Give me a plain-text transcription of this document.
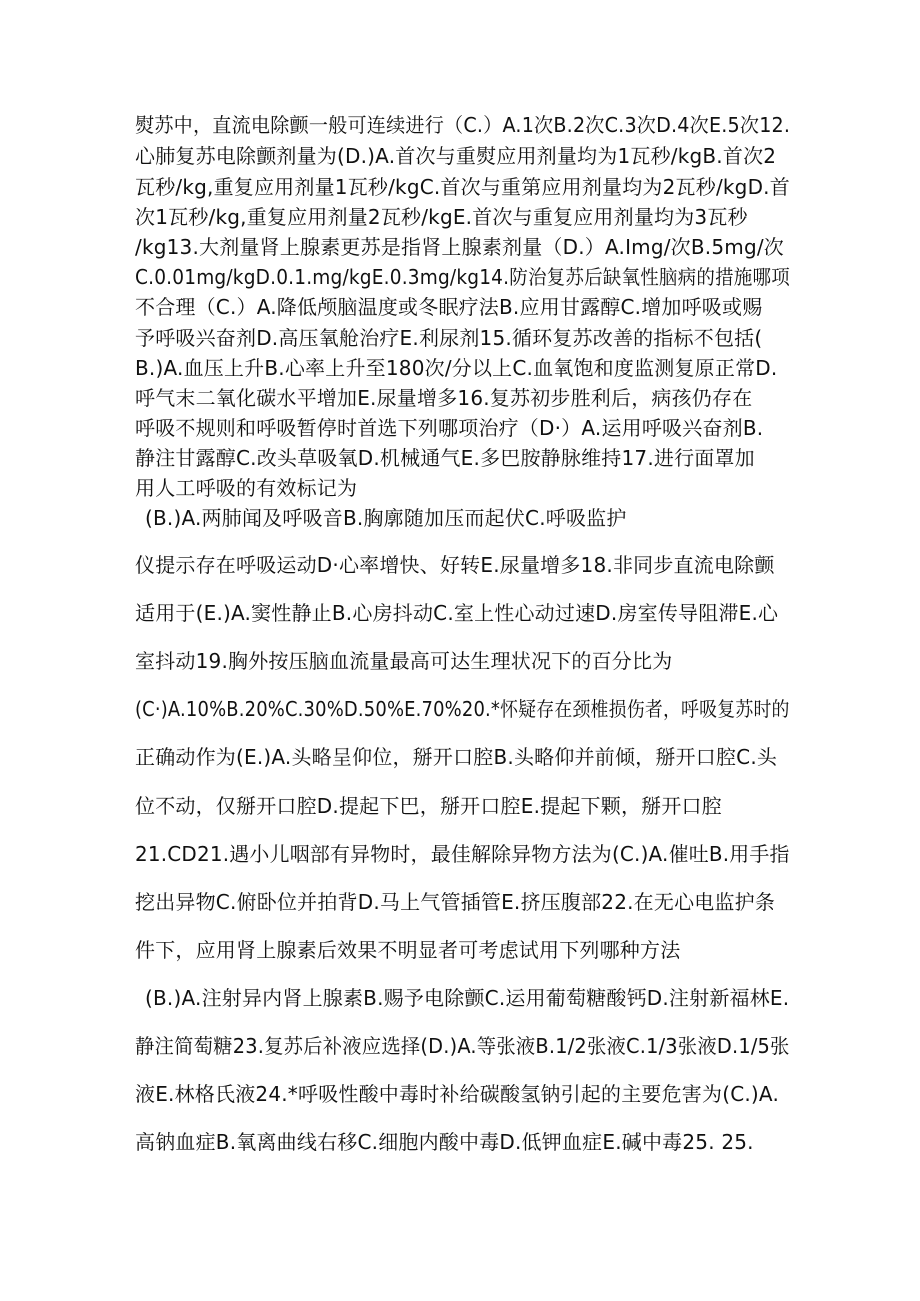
熨苏中，直流电除颤一般可连续进行（C.）A.1次B.2次C.3次D.4次E.5次12.
心肺复苏电除颤剂量为(D.)A.首次与重熨应用剂量均为1瓦秒/kgB.首次2
瓦秒/kg,重复应用剂量1瓦秒/kgC.首次与重第应用剂量均为2瓦秒/kgD.首
次1瓦秒/kg,重复应用剂量2瓦秒/kgE.首次与重复应用剂量均为3瓦秒
/kg13.大剂量肾上腺素更苏是指肾上腺素剂量（D.）A.Img/次B.5mg/次
C.0.01mg/kgD.0.1.mg/kgE.0.3mg/kg14.防治复苏后缺氧性脑病的措施哪项
不合理（C.）A.降低颅脑温度或冬眠疗法B.应用甘露醇C.增加呼吸或赐
予呼吸兴奋剂D.高压氧舱治疗E.利尿剂15.循环复苏改善的指标不包括(
B.)A.血压上升B.心率上升至180次/分以上C.血氧饱和度监测复原正常D.
呼气末二氧化碳水平增加E.尿量增多16.复苏初步胜利后，病孩仍存在
呼吸不规则和呼吸暂停时首选下列哪项治疗（D·）A.运用呼吸兴奋剂B.
静注甘露醇C.改头草吸氧D.机械通气E.多巴胺静脉维持17.进行面罩加
用人工呼吸的有效标记为
(B.)A.两肺闻及呼吸音B.胸廓随加压而起伏C.呼吸监护
仪提示存在呼吸运动D·心率增快、好转E.尿量增多18.非同步直流电除颤
适用于(E.)A.窦性静止B.心房抖动C.室上性心动过速D.房室传导阻滞E.心
室抖动19.胸外按压脑血流量最高可达生理状况下的百分比为
(C·)A.10%B.20%C.30%D.50%E.70%20.*怀疑存在颈椎损伤者，呼吸复苏时的
正确动作为(E.)A.头略呈仰位，掰开口腔B.头略仰并前倾，掰开口腔C.头
位不动，仅掰开口腔D.提起下巴，掰开口腔E.提起下颗，掰开口腔
21.CD21.遇小儿咽部有异物时，最佳解除异物方法为(C.)A.催吐B.用手指
挖出异物C.俯卧位并拍背D.马上气管插管E.挤压腹部22.在无心电监护条
件下，应用肾上腺素后效果不明显者可考虑试用下列哪种方法
(B.)A.注射异内肾上腺素B.赐予电除颤C.运用葡萄糖酸钙D.注射新福林E.
静注简萄糖23.复苏后补液应选择(D.)A.等张液B.1/2张液C.1/3张液D.1/5张
液E.林格氏液24.*呼吸性酸中毒时补给碳酸氢钠引起的主要危害为(C.)A.
高钠血症B.氧离曲线右移C.细胞内酸中毒D.低钾血症E.碱中毒25. 25.
